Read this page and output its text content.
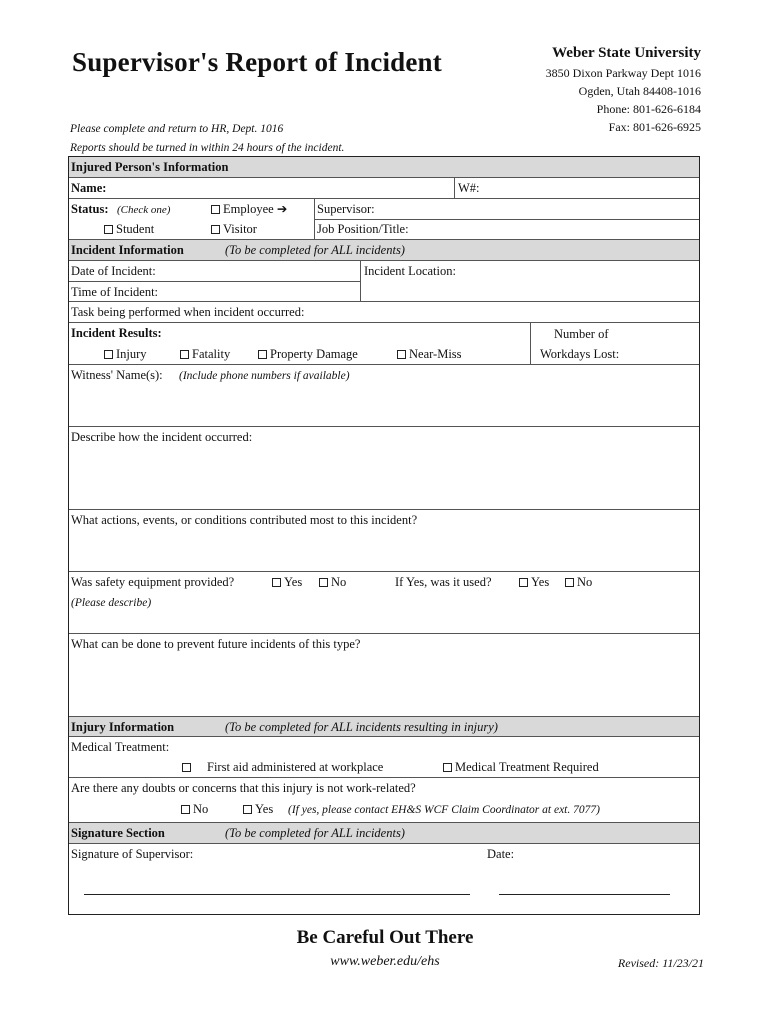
Supervisor's Report of Incident	Weber State University
3850 Dixon Parkway Dept 1016
Ogden, Utah 84408-1016
Phone: 801-626-6184
Fax: 801-626-6925
Please complete and return to HR, Dept. 1016
Reports should be turned in within 24 hours of the incident.
Injured Person's Information
Name:	W#:
Status: (Check one)	Employee ➔ Supervisor:
Student	Visitor	Job Position/Title:
Incident Information	(To be completed for ALL incidents)
Date of Incident:	Incident Location:
Time of Incident:
Task being performed when incident occurred:
Incident Results:
Injury	Fatality	Property Damage	Near-Miss
Number of
Workdays Lost:
Witness' Name(s): (Include phone numbers if available)
Describe how the incident occurred:
What actions, events, or conditions contributed most to this incident?
Was safety equipment provided?	Yes	No	If Yes, was it used?	Yes	No
(Please describe)
What can be done to prevent future incidents of this type?
Injury Information	(To be completed for ALL incidents resulting in injury)
Medical Treatment:
First aid administered at workplace	Medical Treatment Required
Are there any doubts or concerns that this injury is not work-related?
No	Yes (If yes, please contact EH&S WCF Claim Coordinator at ext. 7077)
Signature Section	(To be completed for ALL incidents)
Signature of Supervisor:	Date:
Be Careful Out There
www.weber.edu/ehs	Revised: 11/23/21
